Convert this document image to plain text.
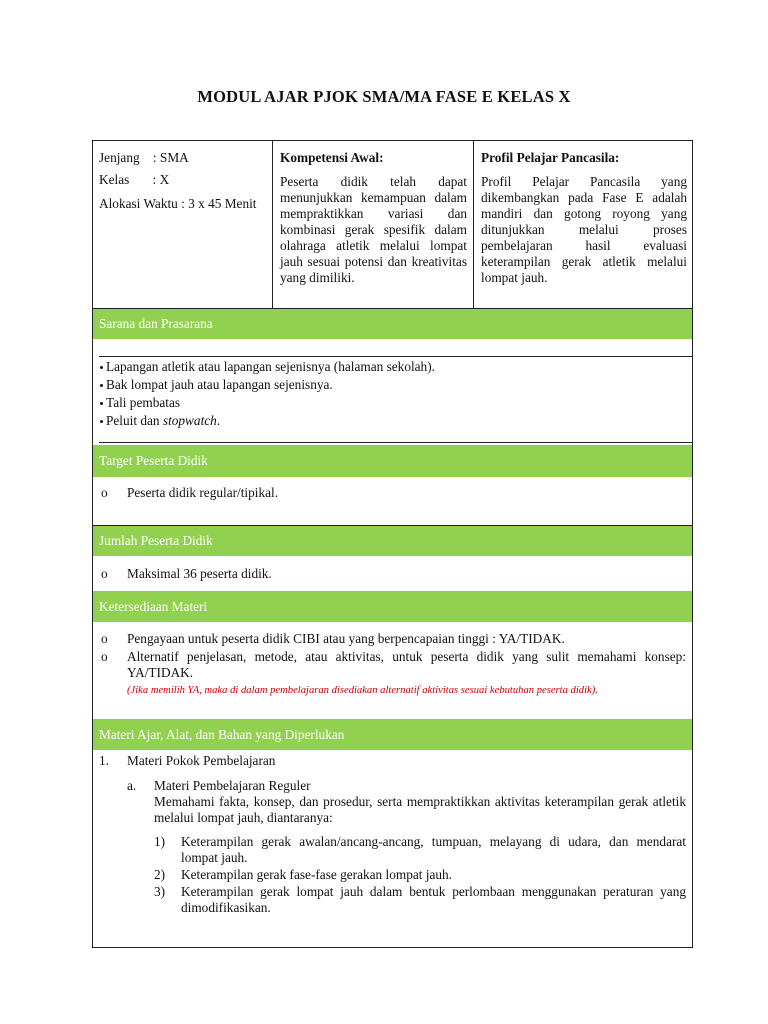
MODUL AJAR PJOK SMA/MA FASE E KELAS X
Jenjang    : SMA
Kelas       : X
Alokasi Waktu : 3 x 45 Menit
Kompetensi Awal:
Peserta didik telah dapat menunjukkan kemampuan dalam mempraktikkan variasi dan kombinasi gerak spesifik dalam olahraga atletik melalui lompat jauh sesuai potensi dan kreativitas yang dimiliki.
Profil Pelajar Pancasila:
Profil Pelajar Pancasila yang dikembangkan pada Fase E adalah mandiri dan gotong royong yang ditunjukkan melalui proses pembelajaran hasil evaluasi keterampilan gerak atletik melalui lompat jauh.
Sarana dan Prasarana
Lapangan atletik atau lapangan sejenisnya (halaman sekolah).
Bak lompat jauh atau lapangan sejenisnya.
Tali pembatas
Peluit dan stopwatch.
Target Peserta Didik
o Peserta didik regular/tipikal.
Jumlah Peserta Didik
o Maksimal 36 peserta didik.
Ketersediaan Materi
o Pengayaan untuk peserta didik CIBI atau yang berpencapaian tinggi : YA/TIDAK.
o Alternatif penjelasan, metode, atau aktivitas, untuk peserta didik yang sulit memahami konsep: YA/TIDAK.
(Jika memilih YA, maka di dalam pembelajaran disediakan alternatif aktivitas sesuai kebutuhan peserta didik).
Materi Ajar, Alat, dan Bahan yang Diperlukan
1.	Materi Pokok Pembelajaran
a.	Materi Pembelajaran Reguler
Memahami fakta, konsep, dan prosedur, serta mempraktikkan aktivitas keterampilan gerak atletik melalui lompat jauh, diantaranya:
1) Keterampilan gerak awalan/ancang-ancang, tumpuan, melayang di udara, dan mendarat lompat jauh.
2) Keterampilan gerak fase-fase gerakan lompat jauh.
3) Keterampilan gerak lompat jauh dalam bentuk perlombaan menggunakan peraturan yang dimodifikasikan.
